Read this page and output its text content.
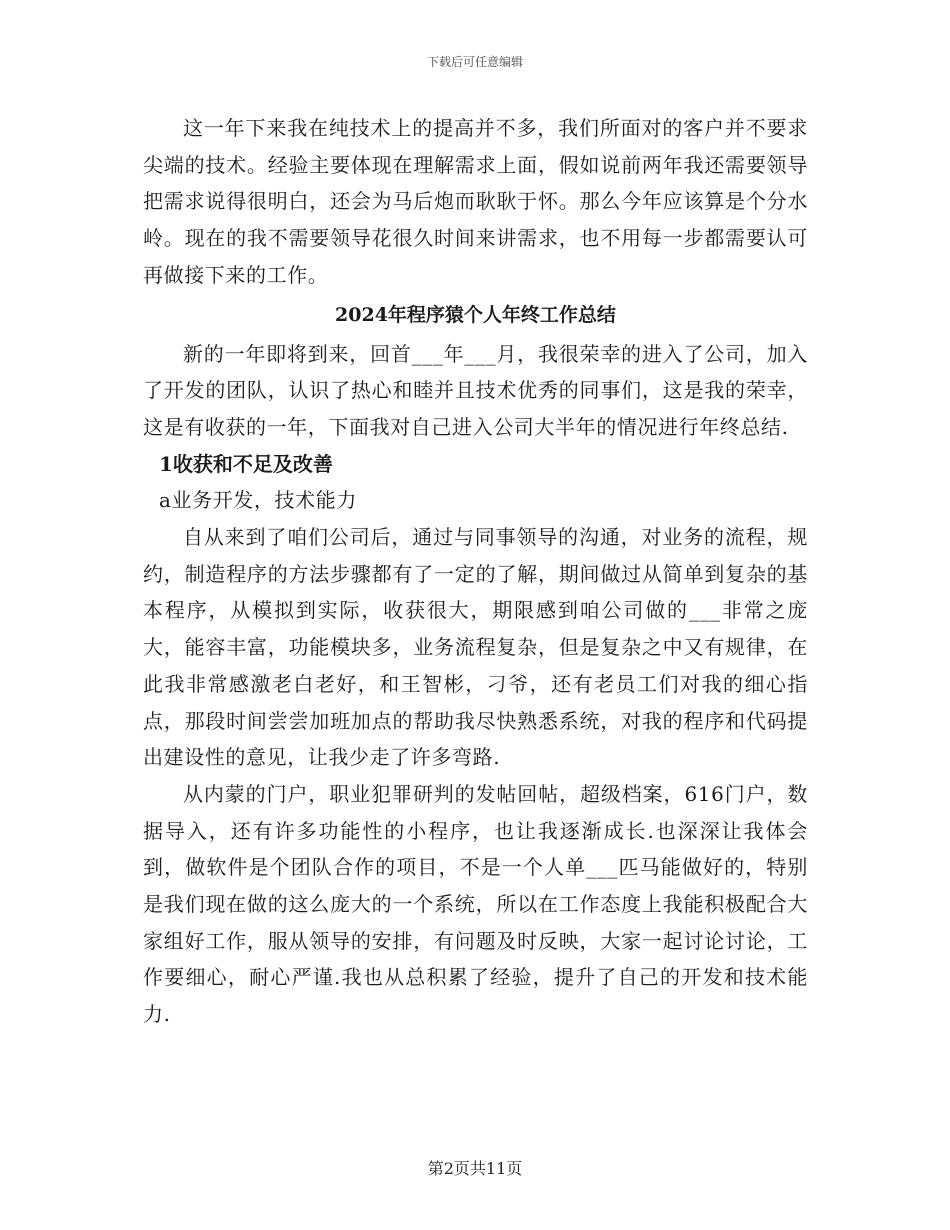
下载后可任意编辑

这一年下来我在纯技术上的提高并不多，我们所面对的客户并不要求尖端的技术。经验主要体现在理解需求上面，假如说前两年我还需要领导把需求说得很明白，还会为马后炮而耿耿于怀。那么今年应该算是个分水岭。现在的我不需要领导花很久时间来讲需求，也不用每一步都需要认可再做接下来的工作。

2024年程序猿个人年终工作总结

新的一年即将到来，回首___年___月，我很荣幸的进入了公司，加入了开发的团队，认识了热心和睦并且技术优秀的同事们，这是我的荣幸，这是有收获的一年，下面我对自己进入公司大半年的情况进行年终总结.

1收获和不足及改善
a业务开发，技术能力

自从来到了咱们公司后，通过与同事领导的沟通，对业务的流程，规约，制造程序的方法步骤都有了一定的了解，期间做过从简单到复杂的基本程序，从模拟到实际，收获很大，期限感到咱公司做的___非常之庞大，能容丰富，功能模块多，业务流程复杂，但是复杂之中又有规律，在此我非常感激老白老好，和王智彬，刁爷，还有老员工们对我的细心指点，那段时间尝尝加班加点的帮助我尽快熟悉系统，对我的程序和代码提出建设性的意见，让我少走了许多弯路.

从内蒙的门户，职业犯罪研判的发帖回帖，超级档案，616门户，数据导入，还有许多功能性的小程序，也让我逐渐成长.也深深让我体会到，做软件是个团队合作的项目，不是一个人单___匹马能做好的，特别是我们现在做的这么庞大的一个系统，所以在工作态度上我能积极配合大家组好工作，服从领导的安排，有问题及时反映，大家一起讨论讨论，工作要细心，耐心严谨.我也从总积累了经验，提升了自己的开发和技术能力.

第2页共11页
